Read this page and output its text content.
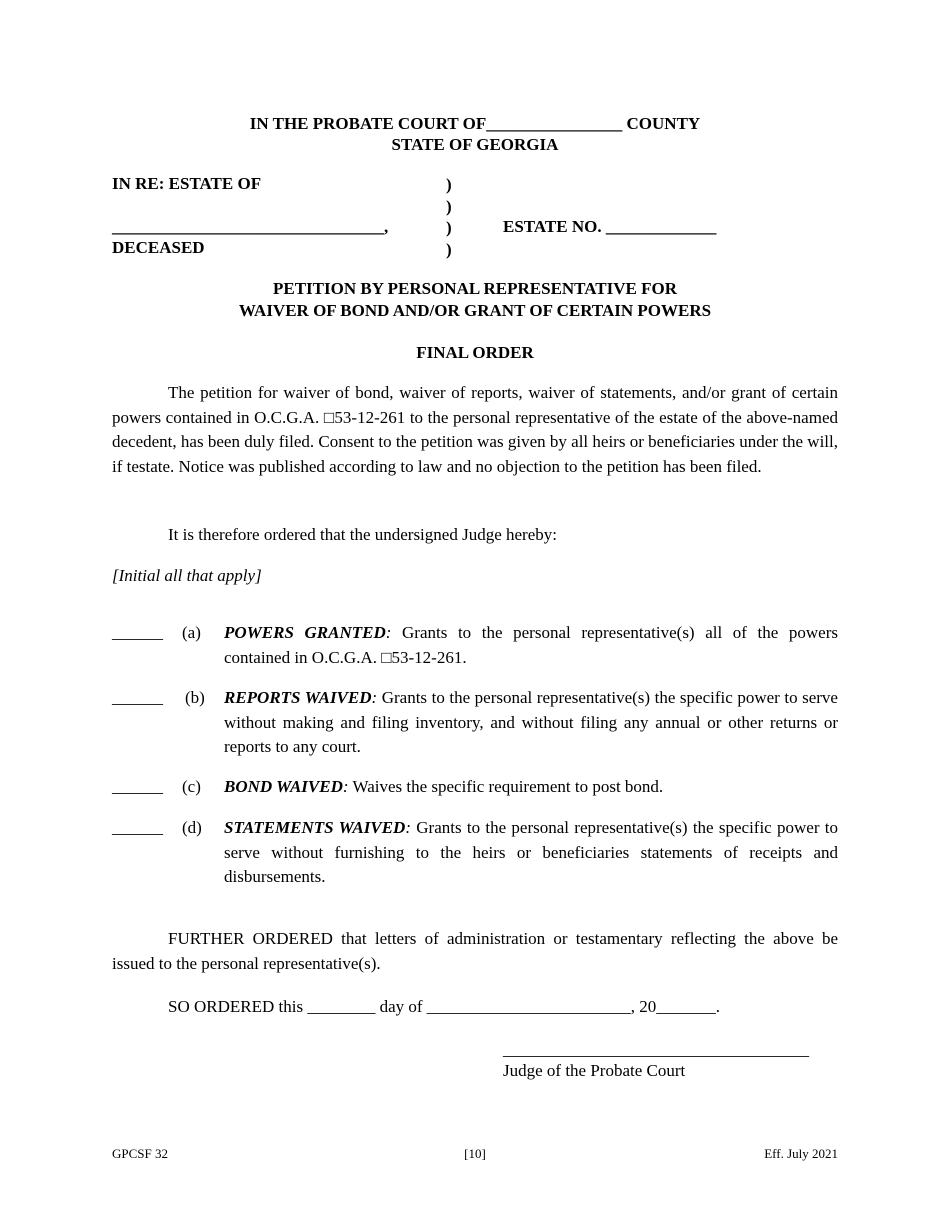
IN THE PROBATE COURT OF________________ COUNTY
STATE OF GEORGIA
IN RE: ESTATE OF
________________________________,
DECEASED
)
)
)
)
ESTATE NO. _____________
PETITION BY PERSONAL REPRESENTATIVE FOR
WAIVER OF BOND AND/OR GRANT OF CERTAIN POWERS
FINAL ORDER
The petition for waiver of bond, waiver of reports, waiver of statements, and/or grant of certain powers contained in O.C.G.A. □53-12-261 to the personal representative of the estate of the above-named decedent, has been duly filed. Consent to the petition was given by all heirs or beneficiaries under the will, if testate. Notice was published according to law and no objection to the petition has been filed.
It is therefore ordered that the undersigned Judge hereby:
[Initial all that apply]
______ (a) POWERS GRANTED: Grants to the personal representative(s) all of the powers contained in O.C.G.A. □53-12-261.
______ (b) REPORTS WAIVED: Grants to the personal representative(s) the specific power to serve without making and filing inventory, and without filing any annual or other returns or reports to any court.
______ (c) BOND WAIVED: Waives the specific requirement to post bond.
______ (d) STATEMENTS WAIVED: Grants to the personal representative(s) the specific power to serve without furnishing to the heirs or beneficiaries statements of receipts and disbursements.
FURTHER ORDERED that letters of administration or testamentary reflecting the above be issued to the personal representative(s).
SO ORDERED this ________ day of ________________________, 20_______.
____________________________________
Judge of the Probate Court
GPCSF 32	[10]	Eff. July 2021
